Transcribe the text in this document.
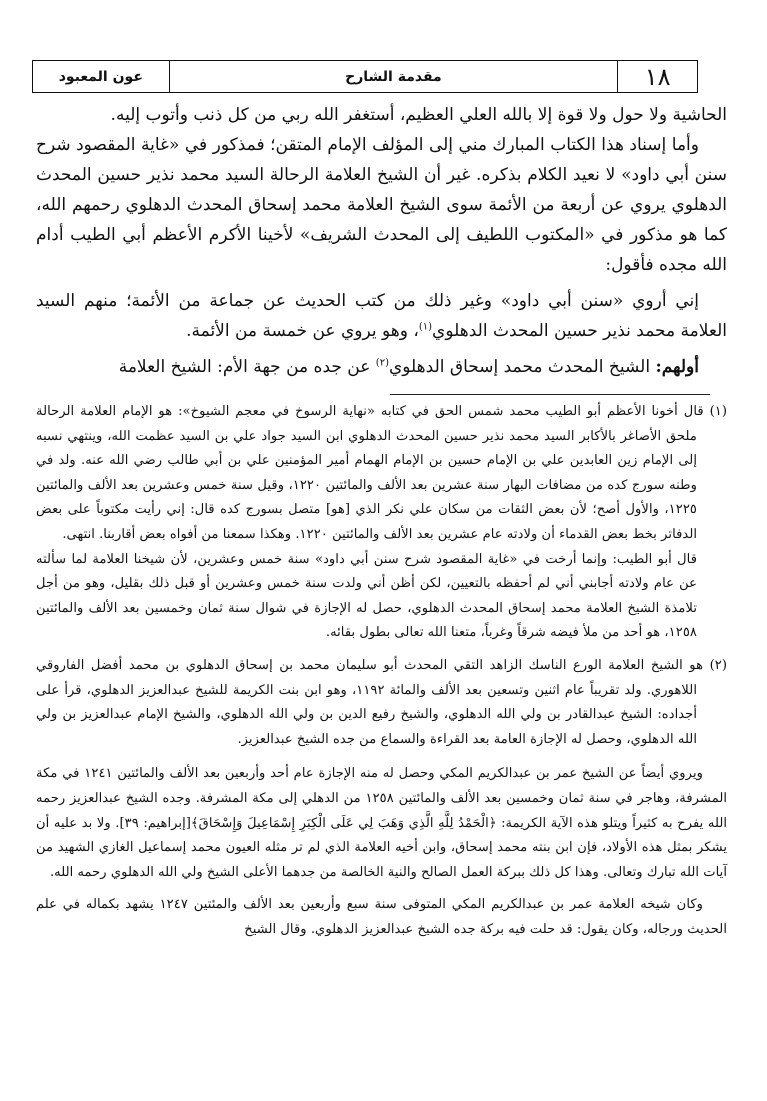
١٨
مقدمة الشارح
عون المعبود

الحاشية ولا حول ولا قوة إلا بالله العلي العظيم، أستغفر الله ربي من كل ذنب وأتوب إليه.

وأما إسناد هذا الكتاب المبارك مني إلى المؤلف الإمام المتقن؛ فمذكور في «غاية المقصود شرح سنن أبي داود» لا نعيد الكلام بذكره. غير أن الشيخ العلامة الرحالة السيد محمد نذير حسين المحدث الدهلوي يروي عن أربعة من الأئمة سوى الشيخ العلامة محمد إسحاق المحدث الدهلوي رحمهم الله، كما هو مذكور في «المكتوب اللطيف إلى المحدث الشريف» لأخينا الأكرم الأعظم أبي الطيب أدام الله مجده فأقول:

إني أروي «سنن أبي داود» وغير ذلك من كتب الحديث عن جماعة من الأئمة؛ منهم السيد العلامة محمد نذير حسين المحدث الدهلوي$^{(١)}$، وهو يروي عن خمسة من الأئمة.

أولهم: الشيخ المحدث محمد إسحاق الدهلوي$^{(٢)}$ عن جده من جهة الأم: الشيخ العلامة

(١) قال أخونا الأعظم أبو الطيب محمد شمس الحق في كتابه «نهاية الرسوخ في معجم الشيوخ»: هو الإمام العلامة الرحالة ملحق الأصاغر بالأكابر السيد محمد نذير حسين المحدث الدهلوي ابن السيد جواد علي بن السيد عظمت الله، وينتهي نسبه إلى الإمام زين العابدين علي بن الإمام حسين بن الإمام الهمام أمير المؤمنين علي بن أبي طالب رضي الله عنه. ولد في وطنه سورج كده من مضافات البهار سنة عشرين بعد الألف والمائتين ١٢٢٠، وقيل سنة خمس وعشرين بعد الألف والمائتين ١٢٢٥، والأول أصح؛ لأن بعض الثقات من سكان علي نكر الذي [هو] متصل بسورج كده قال: إني رأيت مكتوباً على بعض الدفاتر بخط بعض القدماء أن ولادته عام عشرين بعد الألف والمائتين ١٢٢٠. وهكذا سمعنا من أفواه بعض أقاربنا. انتهى.

قال أبو الطيب: وإنما أرخت في «غاية المقصود شرح سنن أبي داود» سنة خمس وعشرين، لأن شيخنا العلامة لما سألته عن عام ولادته أجابني أني لم أحفظه بالتعيين، لكن أظن أني ولدت سنة خمس وعشرين أو قبل ذلك بقليل، وهو من أجل تلامذة الشيخ العلامة محمد إسحاق المحدث الدهلوي، حصل له الإجازة في شوال سنة ثمان وخمسين بعد الألف والمائتين ١٢٥٨، هو أحد من ملأ فيضه شرقاً وغرباً، متعنا الله تعالى بطول بقائه.

(٢) هو الشيخ العلامة الورع الناسك الزاهد التقي المحدث أبو سليمان محمد بن إسحاق الدهلوي بن محمد أفضل الفاروقي اللاهوري. ولد تقريباً عام اثنين وتسعين بعد الألف والمائة ١١٩٢، وهو ابن بنت الكريمة للشيخ عبدالعزيز الدهلوي، قرأ على أجداده: الشيخ عبدالقادر بن ولي الله الدهلوي، والشيخ رفيع الدين بن ولي الله الدهلوي، والشيخ الإمام عبدالعزيز بن ولي الله الدهلوي، وحصل له الإجازة العامة بعد القراءة والسماع من جده الشيخ عبدالعزيز.

ويروي أيضاً عن الشيخ عمر بن عبدالكريم المكي وحصل له منه الإجازة عام أحد وأربعين بعد الألف والمائتين ١٢٤١ في مكة المشرفة، وهاجر في سنة ثمان وخمسين بعد الألف والمائتين ١٢٥٨ من الدهلي إلى مكة المشرفة. وجده الشيخ عبدالعزيز رحمه الله يفرح به كثيراً ويتلو هذه الآية الكريمة: ﴿الْحَمْدُ لِلَّهِ الَّذِي وَهَبَ لِي عَلَى الْكِبَرِ إِسْمَاعِيلَ وَإِسْحَاقَ﴾[إبراهيم: ٣٩]. ولا بد عليه أن يشكر بمثل هذه الأولاد، فإن ابن بنته محمد إسحاق، وابن أخيه العلامة الذي لم تر مثله العيون محمد إسماعيل الغازي الشهيد من آيات الله تبارك وتعالى. وهذا كل ذلك ببركة العمل الصالح والنية الخالصة من جدهما الأعلى الشيخ ولي الله الدهلوي رحمه الله.

وكان شيخه العلامة عمر بن عبدالكريم المكي المتوفى سنة سبع وأربعين بعد الألف والمئتين ١٢٤٧ يشهد بكماله في علم الحديث ورجاله، وكان يقول: قد حلت فيه بركة جده الشيخ عبدالعزيز الدهلوي. وقال الشيخ
